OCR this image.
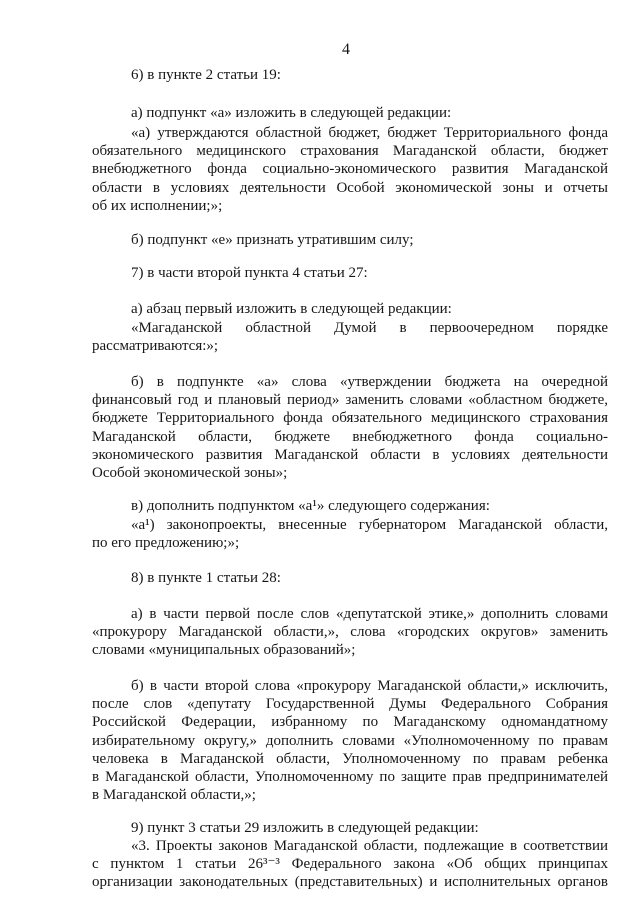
4
6) в пункте 2 статьи 19:
а) подпункт «а» изложить в следующей редакции:
«а) утверждаются областной бюджет, бюджет Территориального фонда
обязательного медицинского страхования Магаданской области, бюджет
внебюджетного фонда социально-экономического развития Магаданской
области в условиях деятельности Особой экономической зоны и отчеты
об их исполнении;»;
б) подпункт «е» признать утратившим силу;
7) в части второй пункта 4 статьи 27:
а) абзац первый изложить в следующей редакции:
«Магаданской областной Думой в первоочередном порядке
рассматриваются:»;
б) в подпункте «а» слова «утверждении бюджета на очередной
финансовый год и плановый период» заменить словами «областном бюджете,
бюджете Территориального фонда обязательного медицинского страхования
Магаданской области, бюджете внебюджетного фонда социально-
экономического развития Магаданской области в условиях деятельности
Особой экономической зоны»;
в) дополнить подпунктом «а¹» следующего содержания:
«а¹) законопроекты, внесенные губернатором Магаданской области,
по его предложению;»;
8) в пункте 1 статьи 28:
а) в части первой после слов «депутатской этике,» дополнить словами
«прокурору Магаданской области,», слова «городских округов» заменить
словами «муниципальных образований»;
б) в части второй слова «прокурору Магаданской области,» исключить,
после слов «депутату Государственной Думы Федерального Собрания
Российской Федерации, избранному по Магаданскому одномандатному
избирательному округу,» дополнить словами «Уполномоченному по правам
человека в Магаданской области, Уполномоченному по правам ребенка
в Магаданской области, Уполномоченному по защите прав предпринимателей
в Магаданской области,»;
9) пункт 3 статьи 29 изложить в следующей редакции:
«3. Проекты законов Магаданской области, подлежащие в соответствии
с пунктом 1 статьи 26³⁻³ Федерального закона «Об общих принципах
организации законодательных (представительных) и исполнительных органов
